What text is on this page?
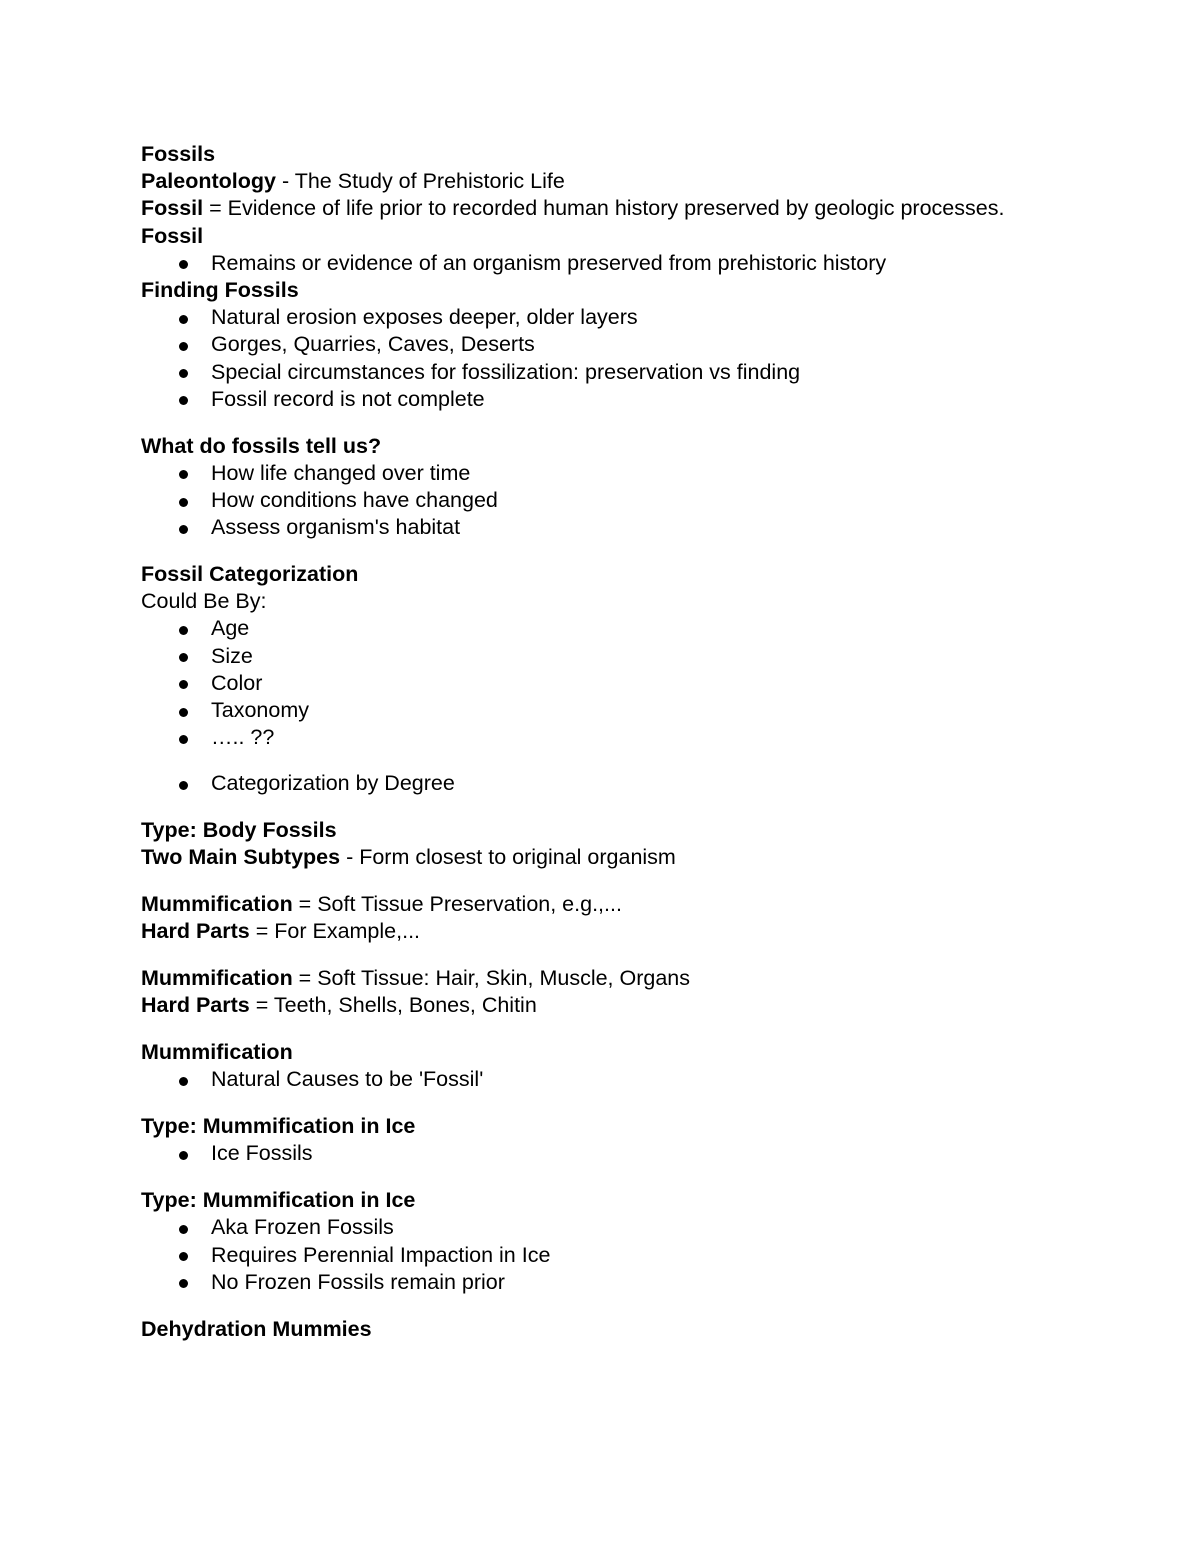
Fossils
Paleontology - The Study of Prehistoric Life
Fossil = Evidence of life prior to recorded human history preserved by geologic processes.
Fossil
Remains or evidence of an organism preserved from prehistoric history
Finding Fossils
Natural erosion exposes deeper, older layers
Gorges, Quarries, Caves, Deserts
Special circumstances for fossilization: preservation vs finding
Fossil record is not complete
What do fossils tell us?
How life changed over time
How conditions have changed
Assess organism's habitat
Fossil Categorization
Could Be By:
Age
Size
Color
Taxonomy
….. ??
Categorization by Degree
Type: Body Fossils
Two Main Subtypes - Form closest to original organism
Mummification = Soft Tissue Preservation, e.g.,...
Hard Parts = For Example,...
Mummification = Soft Tissue: Hair, Skin, Muscle, Organs
Hard Parts = Teeth, Shells, Bones, Chitin
Mummification
Natural Causes to be 'Fossil'
Type: Mummification in Ice
Ice Fossils
Type: Mummification in Ice
Aka Frozen Fossils
Requires Perennial Impaction in Ice
No Frozen Fossils remain prior
Dehydration Mummies
